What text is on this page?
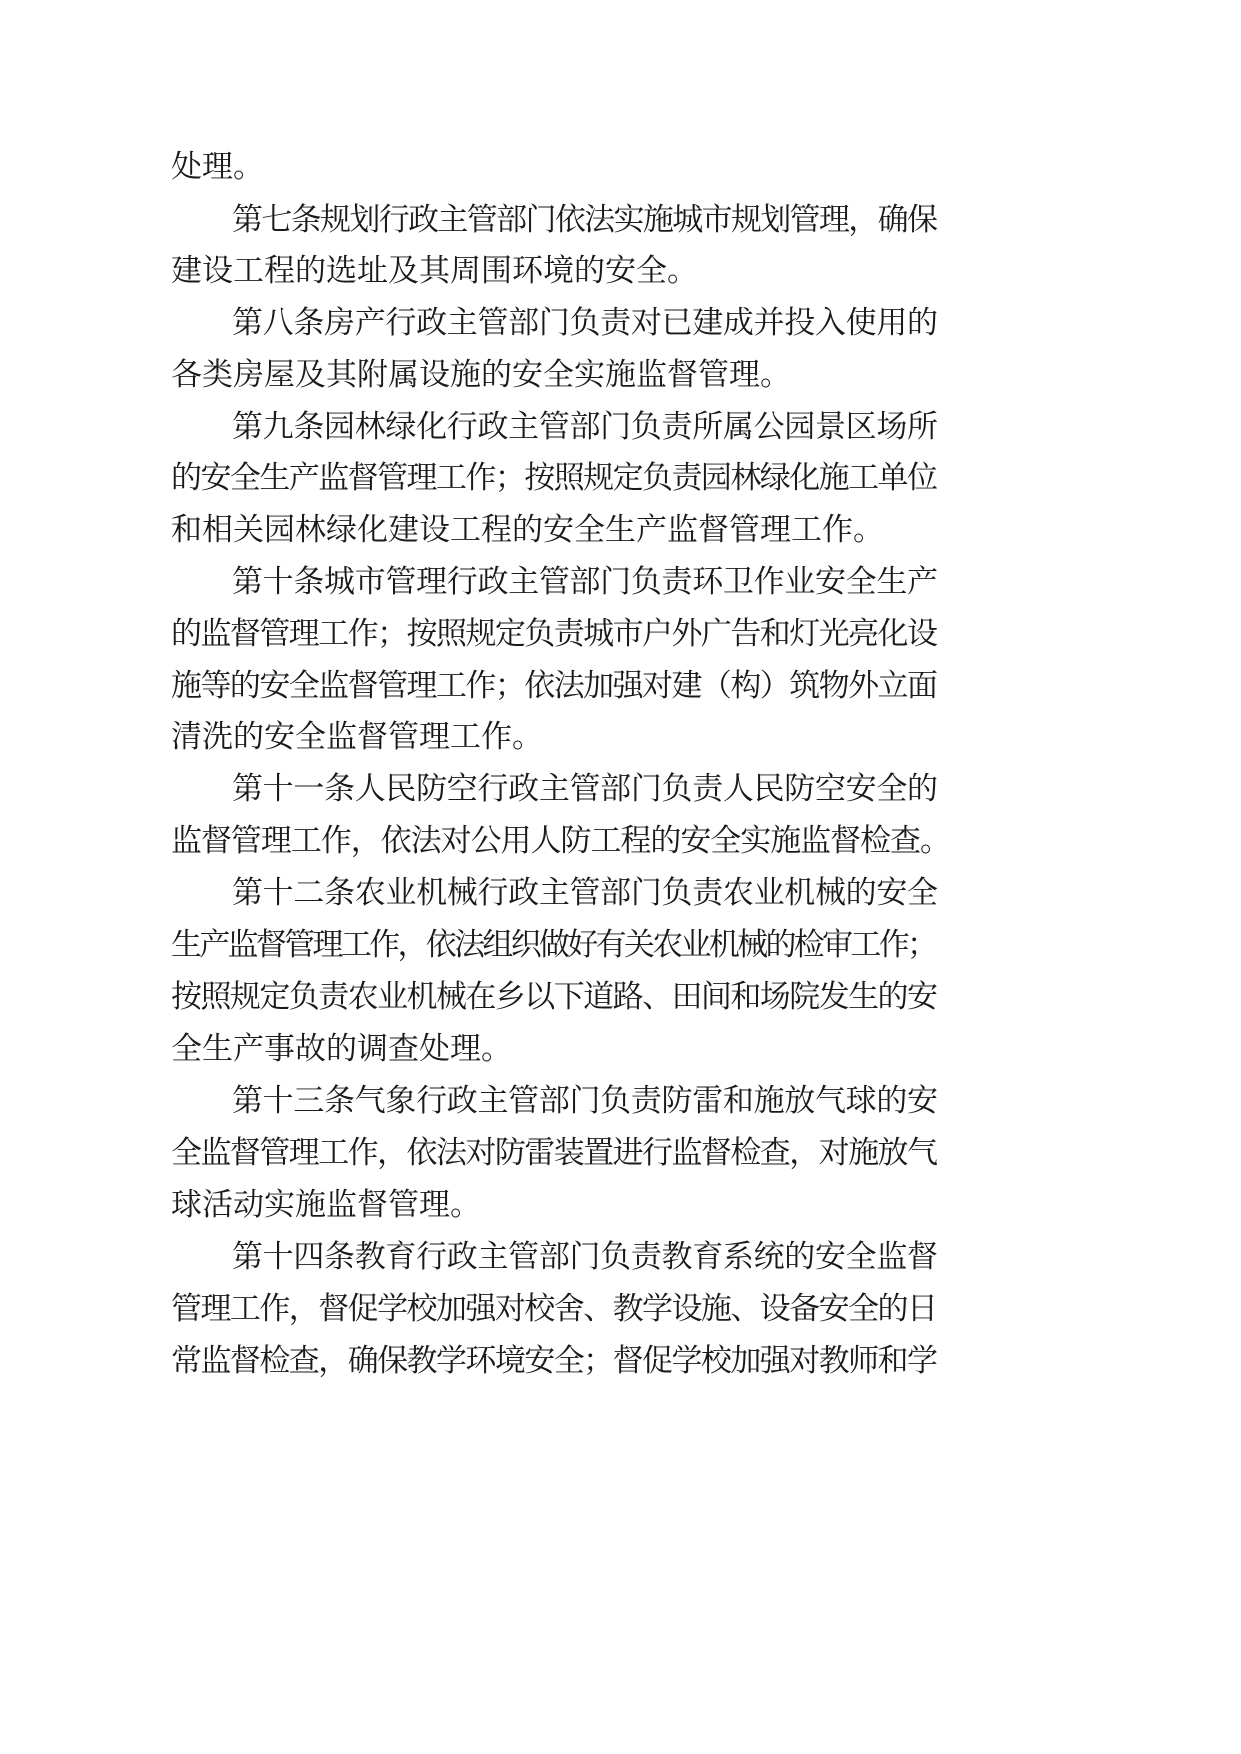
处理。
第七条规划行政主管部门依法实施城市规划管理，确保
建设工程的选址及其周围环境的安全。
第八条房产行政主管部门负责对已建成并投入使用的
各类房屋及其附属设施的安全实施监督管理。
第九条园林绿化行政主管部门负责所属公园景区场所
的安全生产监督管理工作；按照规定负责园林绿化施工单位
和相关园林绿化建设工程的安全生产监督管理工作。
第十条城市管理行政主管部门负责环卫作业安全生产
的监督管理工作；按照规定负责城市户外广告和灯光亮化设
施等的安全监督管理工作；依法加强对建（构）筑物外立面
清洗的安全监督管理工作。
第十一条人民防空行政主管部门负责人民防空安全的
监督管理工作，依法对公用人防工程的安全实施监督检查。
第十二条农业机械行政主管部门负责农业机械的安全
生产监督管理工作，依法组织做好有关农业机械的检审工作；
按照规定负责农业机械在乡以下道路、田间和场院发生的安
全生产事故的调查处理。
第十三条气象行政主管部门负责防雷和施放气球的安
全监督管理工作，依法对防雷装置进行监督检查，对施放气
球活动实施监督管理。
第十四条教育行政主管部门负责教育系统的安全监督
管理工作，督促学校加强对校舍、教学设施、设备安全的日
常监督检查，确保教学环境安全；督促学校加强对教师和学
